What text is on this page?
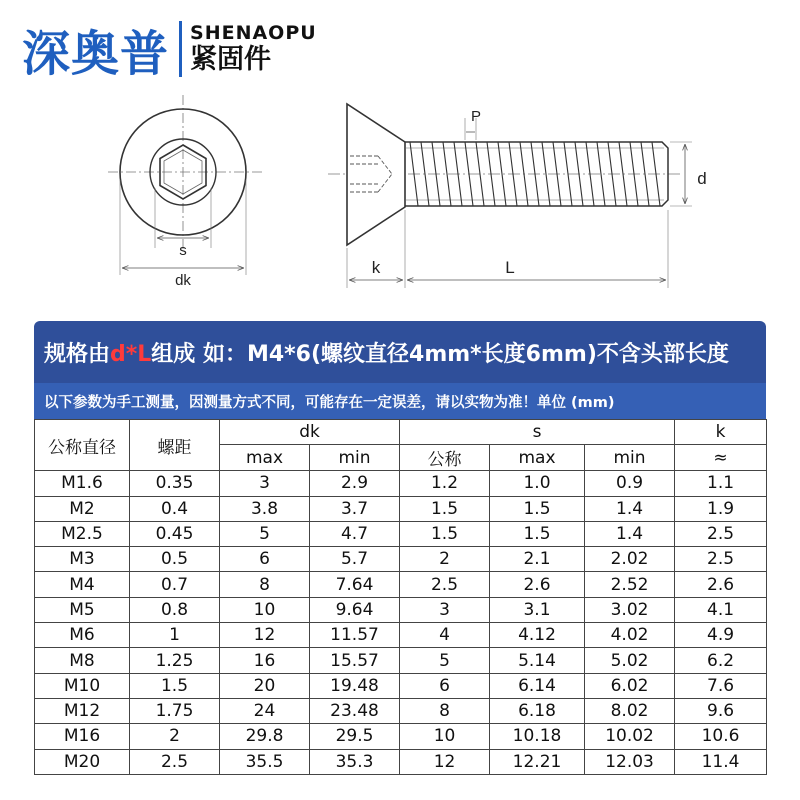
深奥普 SHENAOPU
紧固件
s
dk
P
d
k	L
规格由d*L组成 如：M4*6(螺纹直径4mm*长度6mm)不含头部长度
以下参数为手工测量，因测量方式不同，可能存在一定误差，请以实物为准！单位 (mm)
公称直径	螺距	dk		s			k
		max	min	公称	max	min	≈
M1.6	0.35	3	2.9	1.2	1.0	0.9	1.1
M2	0.4	3.8	3.7	1.5	1.5	1.4	1.9
M2.5	0.45	5	4.7	1.5	1.5	1.4	2.5
M3	0.5	6	5.7	2	2.1	2.02	2.5
M4	0.7	8	7.64	2.5	2.6	2.52	2.6
M5	0.8	10	9.64	3	3.1	3.02	4.1
M6	1	12	11.57	4	4.12	4.02	4.9
M8	1.25	16	15.57	5	5.14	5.02	6.2
M10	1.5	20	19.48	6	6.14	6.02	7.6
M12	1.75	24	23.48	8	6.18	8.02	9.6
M16	2	29.8	29.5	10	10.18	10.02	10.6
M20	2.5	35.5	35.3	12	12.21	12.03	11.4
